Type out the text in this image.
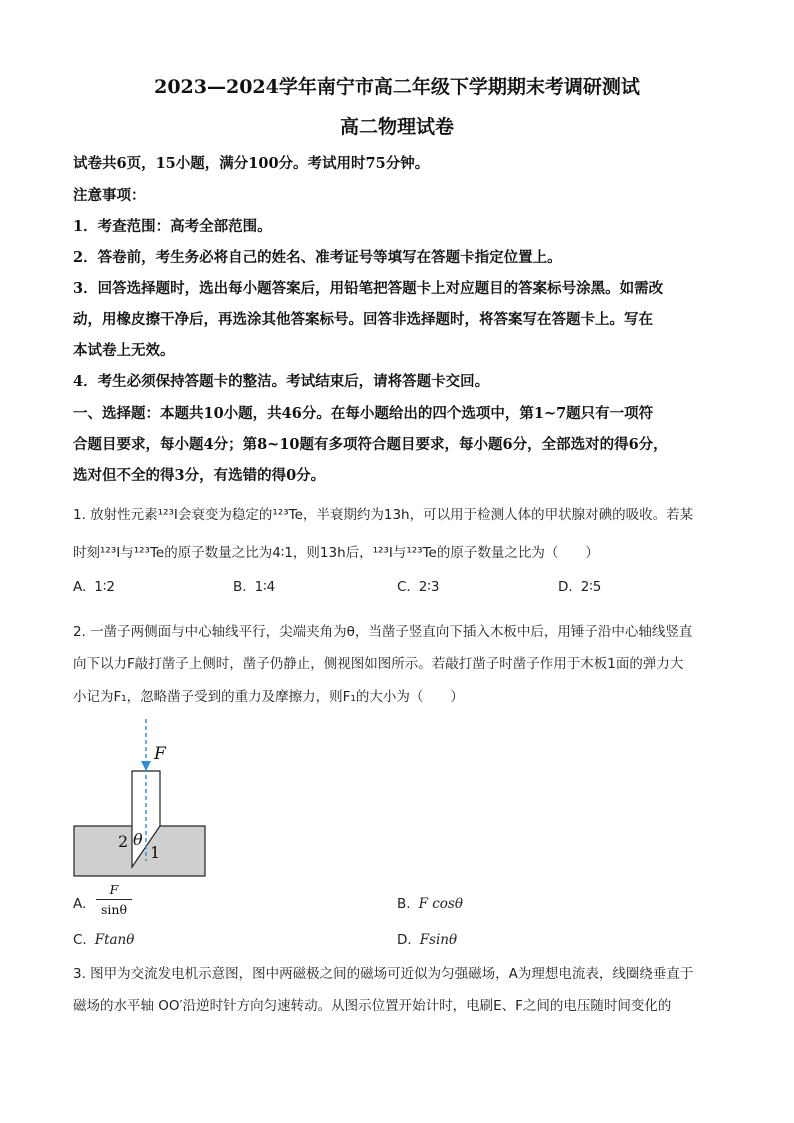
2023—2024学年南宁市高二年级下学期期末考调研测试
高二物理试卷
试卷共6页，15小题，满分100分。考试用时75分钟。
注意事项：
1．考查范围：高考全部范围。
2．答卷前，考生务必将自己的姓名、准考证号等填写在答题卡指定位置上。
3．回答选择题时，选出每小题答案后，用铅笔把答题卡上对应题目的答案标号涂黑。如需改
动，用橡皮擦干净后，再选涂其他答案标号。回答非选择题时，将答案写在答题卡上。写在
本试卷上无效。
4．考生必须保持答题卡的整洁。考试结束后，请将答题卡交回。
一、选择题：本题共10小题，共46分。在每小题给出的四个选项中，第1~7题只有一项符
合题目要求，每小题4分；第8~10题有多项符合题目要求，每小题6分，全部选对的得6分，
选对但不全的得3分，有选错的得0分。
1. 放射性元素¹²³I会衰变为稳定的¹²³Te，半衰期约为13h，可以用于检测人体的甲状腺对碘的吸收。若某
时刻¹²³I与¹²³Te的原子数量之比为4∶1，则13h后，¹²³I与¹²³Te的原子数量之比为（　　）
A. 1∶2	B. 1∶4	C. 2∶3	D. 2∶5
2. 一凿子两侧面与中心轴线平行，尖端夹角为θ，当凿子竖直向下插入木板中后，用锤子沿中心轴线竖直
向下以力F敲打凿子上侧时，凿子仍静止，侧视图如图所示。若敲打凿子时凿子作用于木板1面的弹力大
小记为F₁，忽略凿子受到的重力及摩擦力，则F₁的大小为（　　）
F
2 θ
1
A. $\frac{F}{\sin\theta}$	B. F cosθ
C. Ftanθ	D. Fsinθ
3. 图甲为交流发电机示意图，图中两磁极之间的磁场可近似为匀强磁场，A为理想电流表，线圈绕垂直于
磁场的水平轴 OO′沿逆时针方向匀速转动。从图示位置开始计时，电刷E、F之间的电压随时间变化的
